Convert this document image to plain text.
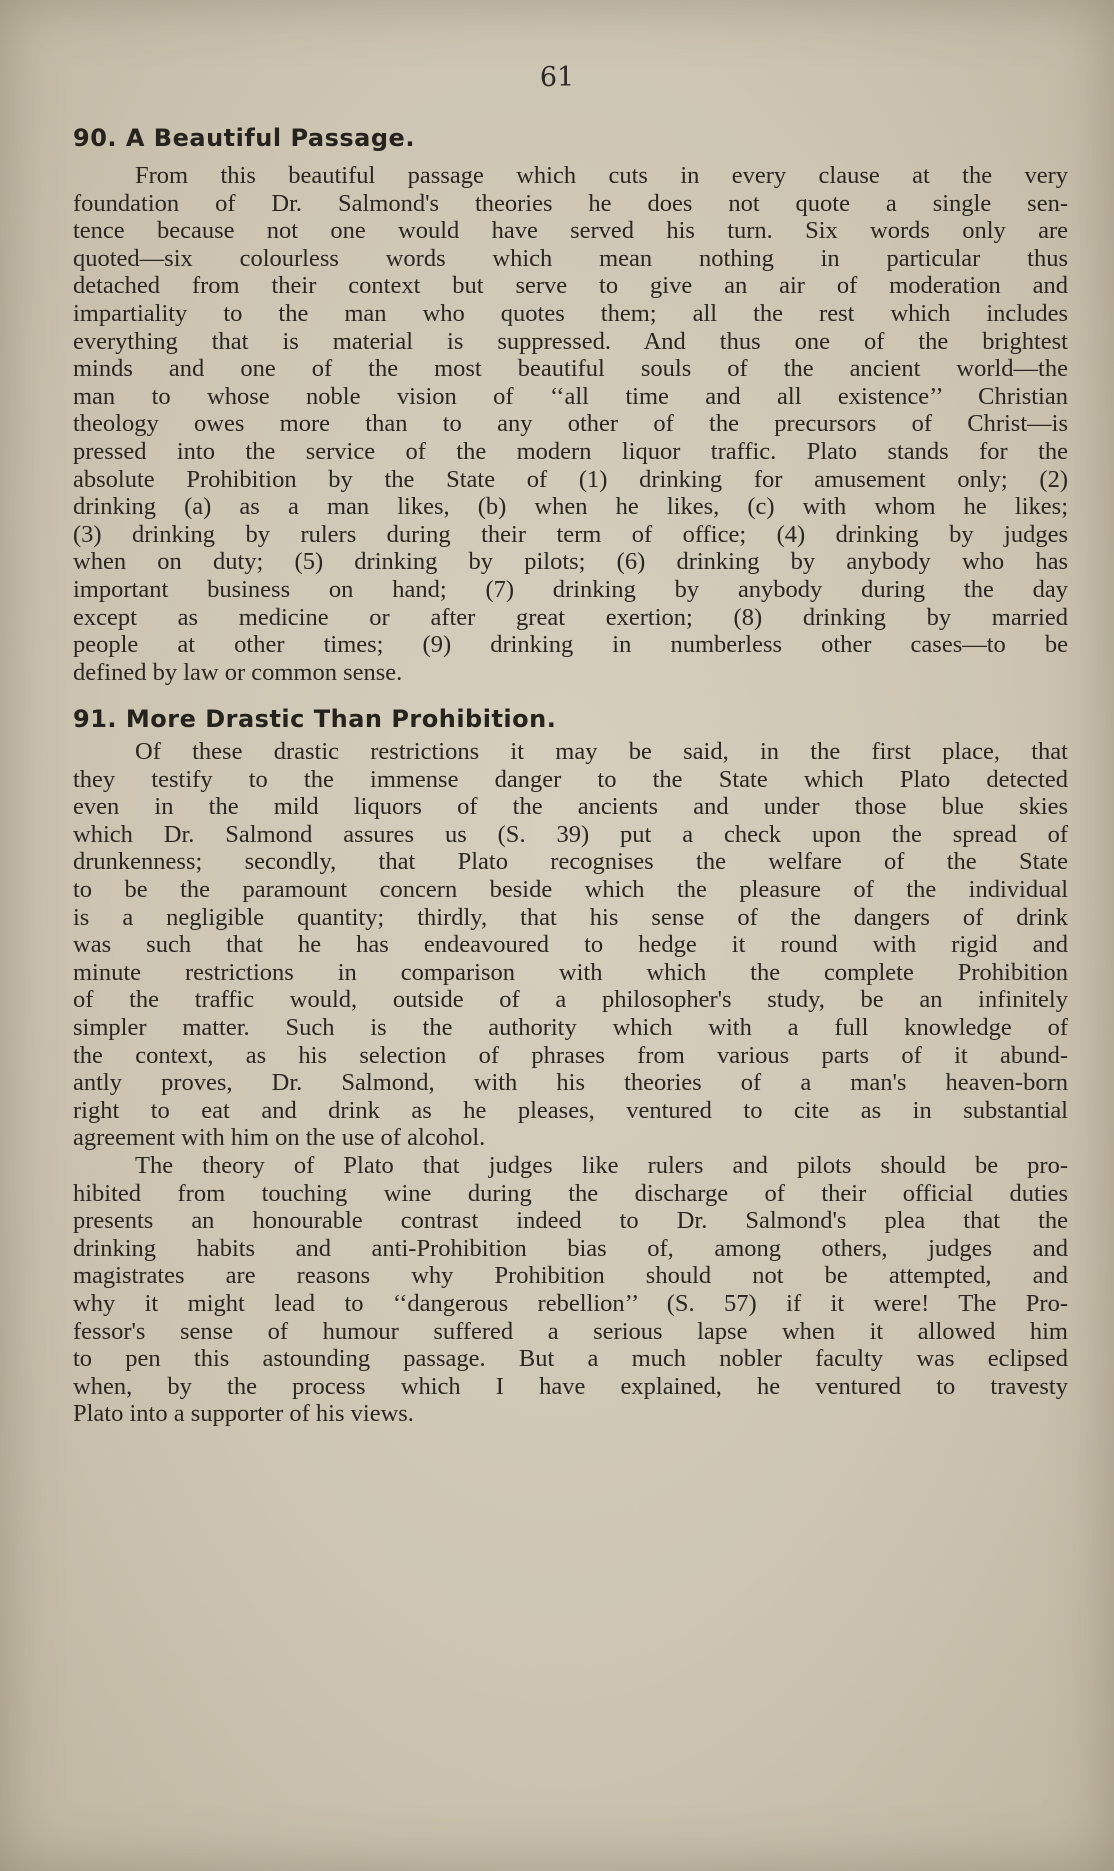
61
90. A Beautiful Passage.

From this beautiful passage which cuts in every clause at the very
foundation of Dr. Salmond's theories he does not quote a single sen-
tence because not one would have served his turn. Six words only are
quoted—six colourless words which mean nothing in particular thus
detached from their context but serve to give an air of moderation and
impartiality to the man who quotes them; all the rest which includes
everything that is material is suppressed. And thus one of the brightest
minds and one of the most beautiful souls of the ancient world—the
man to whose noble vision of ‘‘all time and all existence’’ Christian
theology owes more than to any other of the precursors of Christ—is
pressed into the service of the modern liquor traffic. Plato stands for the
absolute Prohibition by the State of (1) drinking for amusement only; (2)
drinking (a) as a man likes, (b) when he likes, (c) with whom he likes;
(3) drinking by rulers during their term of office; (4) drinking by judges
when on duty; (5) drinking by pilots; (6) drinking by anybody who has
important business on hand; (7) drinking by anybody during the day
except as medicine or after great exertion; (8) drinking by married
people at other times; (9) drinking in numberless other cases—to be
defined by law or common sense.

91. More Drastic Than Prohibition.

Of these drastic restrictions it may be said, in the first place, that
they testify to the immense danger to the State which Plato detected
even in the mild liquors of the ancients and under those blue skies
which Dr. Salmond assures us (S. 39) put a check upon the spread of
drunkenness; secondly, that Plato recognises the welfare of the State
to be the paramount concern beside which the pleasure of the individual
is a negligible quantity; thirdly, that his sense of the dangers of drink
was such that he has endeavoured to hedge it round with rigid and
minute restrictions in comparison with which the complete Prohibition
of the traffic would, outside of a philosopher's study, be an infinitely
simpler matter. Such is the authority which with a full knowledge of
the context, as his selection of phrases from various parts of it abund-
antly proves, Dr. Salmond, with his theories of a man's heaven-born
right to eat and drink as he pleases, ventured to cite as in substantial
agreement with him on the use of alcohol.

The theory of Plato that judges like rulers and pilots should be pro-
hibited from touching wine during the discharge of their official duties
presents an honourable contrast indeed to Dr. Salmond's plea that the
drinking habits and anti-Prohibition bias of, among others, judges and
magistrates are reasons why Prohibition should not be attempted, and
why it might lead to ‘‘dangerous rebellion’’ (S. 57) if it were! The Pro-
fessor's sense of humour suffered a serious lapse when it allowed him
to pen this astounding passage. But a much nobler faculty was eclipsed
when, by the process which I have explained, he ventured to travesty
Plato into a supporter of his views.
